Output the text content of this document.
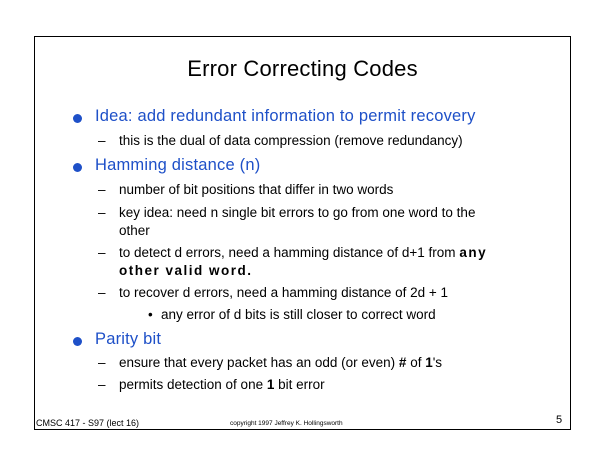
Error Correcting Codes
Idea: add redundant information to permit recovery
– this is the dual of data compression (remove redundancy)
Hamming distance (n)
– number of bit positions that differ in two words
– key idea: need n single bit errors to go from one word to the
other
– to detect d errors, need a hamming distance of d+1 from any
other valid word.
– to recover d errors, need a hamming distance of 2d + 1
• any error of d bits is still closer to correct word
Parity bit
– ensure that every packet has an odd (or even) # of 1's
– permits detection of one 1 bit error
CMSC 417 - S97 (lect 16)	copyright 1997 Jeffrey K. Hollingsworth	5
